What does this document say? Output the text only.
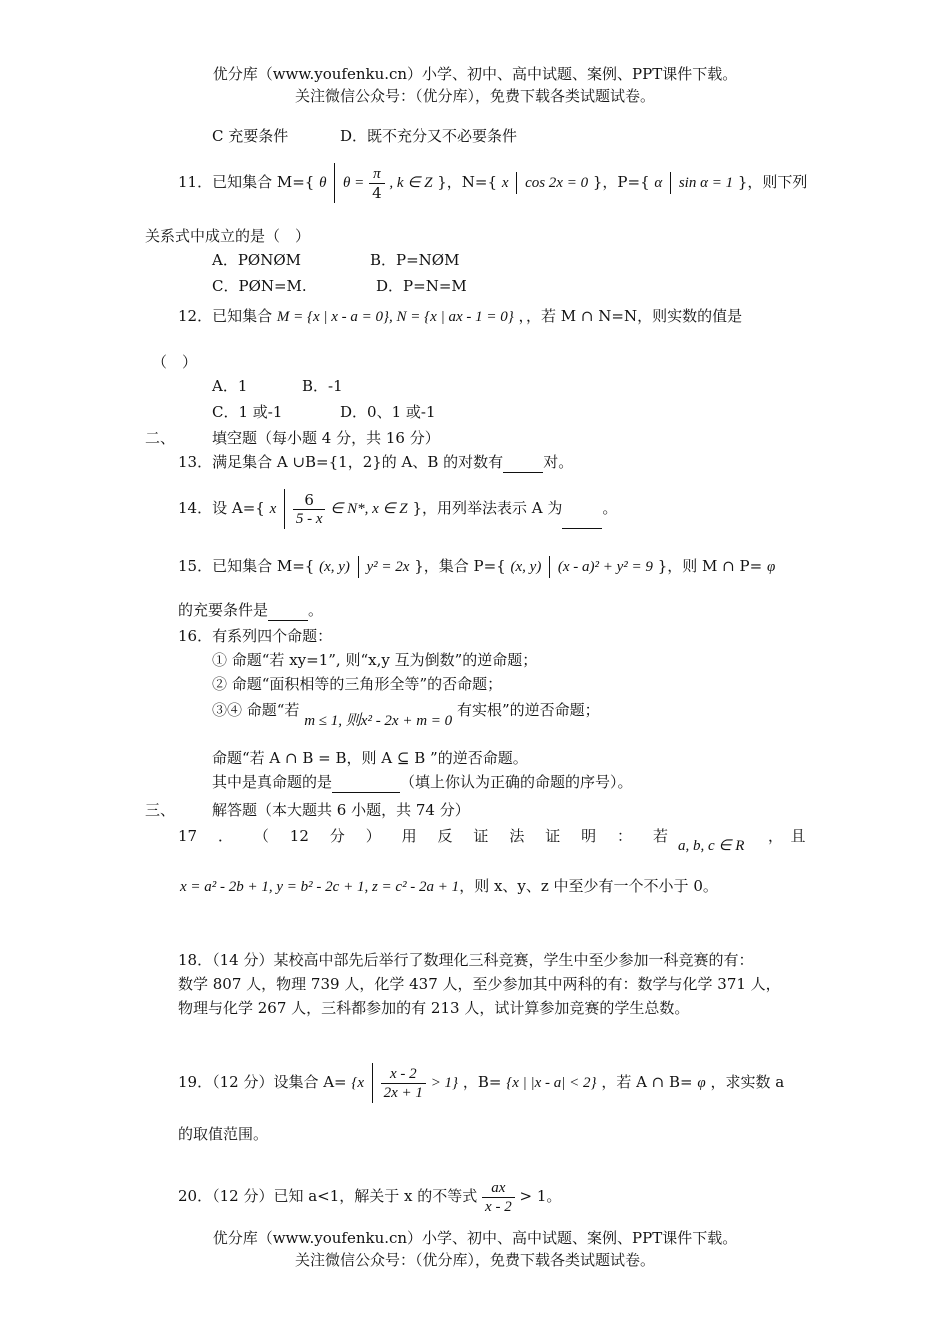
优分库（www.youfenku.cn）小学、初中、高中试题、案例、PPT课件下载。
关注微信公众号：（优分库），免费下载各类试题试卷。
C 充要条件	D．既不充分又不必要条件
11．已知集合 M={ θ $\theta = \frac{\pi}{4}$ , k ∈ Z }，N={ x cos 2x = 0 }，P={ α sin α = 1 }，则下列
关系式中成立的是（　）
A．PØNØM	B．P=NØM
C．PØN=M.	D．P=N=M
12．已知集合 M = {x | x - a = 0}, N = {x | ax - 1 = 0} ，，若 M ∩ N=N，则实数的值是
（　）
A．1	B．-1
C．1 或-1	D．0、1 或-1
二、 填空题（每小题 4 分，共 16 分）
13．满足集合 A ∪B={1，2}的 A、B 的对数有	对。
14．设 A={ x $\frac{6}{5 - x}$ ∈ N*, x ∈ Z }，用列举法表示 A 为	。
15．已知集合 M={ (x, y) y² = 2x }，集合 P={ (x, y) (x - a)² + y² = 9 }，则 M ∩ P= φ
的充要条件是	。
16．有系列四个命题：
① 命题“若 xy=1”, 则“x,y 互为倒数”的逆命题；
② 命题“面积相等的三角形全等”的否命题；
③④ 命题“若 m ≤ 1, 则x² - 2x + m = 0 有实根”的逆否命题；
命题“若 A ∩ B = B，则 A ⊆ B ”的逆否命题。
其中是真命题的是	（填上你认为正确的命题的序号）。
三、 解答题（本大题共 6 小题，共 74 分）
17 ． （ 12 分 ） 用 反 证 法 证 明 ： 若
a, b, c ∈ R
，　且
x = a² - 2b + 1, y = b² - 2c + 1, z = c² - 2a + 1，则 x、y、z 中至少有一个不小于 0。
18．（14 分）某校高中部先后举行了数理化三科竞赛，学生中至少参加一科竞赛的有：
数学 807 人，物理 739 人，化学 437 人，至少参加其中两科的有：数学与化学 371 人，
物理与化学 267 人，三科都参加的有 213 人，试计算参加竞赛的学生总数。
19．（12 分）设集合 $A= \{x \frac{x - 2}{2x + 1} > 1\}$ ，B= {x | |x - a| < 2} ，若 A ∩ B= φ ，求实数 a
的取值范围。
20．（12 分）已知 a<1，解关于 x 的不等式 $\frac{ax}{x - 2} > 1$。
优分库（www.youfenku.cn）小学、初中、高中试题、案例、PPT课件下载。
关注微信公众号：（优分库），免费下载各类试题试卷。
